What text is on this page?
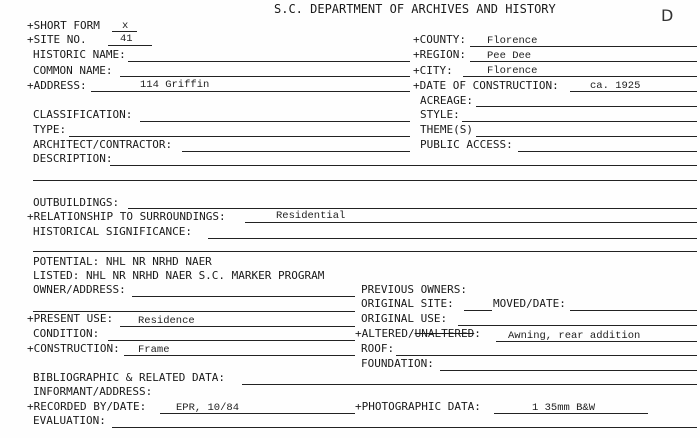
S.C. DEPARTMENT OF ARCHIVES AND HISTORY	D
+SHORT FORM x
+SITE NO.	41
HISTORIC NAME:
COMMON NAME:
+ADDRESS:	114 Griffin
+COUNTY: Florence
+REGION: Pee Dee
+CITY:	Florence
+DATE OF CONSTRUCTION:	ca. 1925
ACREAGE:
CLASSIFICATION:	STYLE:
TYPE:	THEME(S)
ARCHITECT/CONTRACTOR:	PUBLIC ACCESS:
DESCRIPTION:
OUTBUILDINGS:
+RELATIONSHIP TO SURROUNDINGS:	Residential
HISTORICAL SIGNIFICANCE:
POTENTIAL: NHL NR NRHD NAER
LISTED: NHL NR NRHD NAER S.C. MARKER PROGRAM
OWNER/ADDRESS:	PREVIOUS OWNERS:
ORIGINAL SITE:	MOVED/DATE:
+PRESENT USE: Residence	ORIGINAL USE:
CONDITION:	+ALTERED/UNALTERED:	Awning, rear addition
+CONSTRUCTION: Frame	ROOF:
FOUNDATION:
BIBLIOGRAPHIC & RELATED DATA:
INFORMANT/ADDRESS:
+RECORDED BY/DATE:	EPR, 10/84	+PHOTOGRAPHIC DATA:	1 35mm B&W
EVALUATION:
